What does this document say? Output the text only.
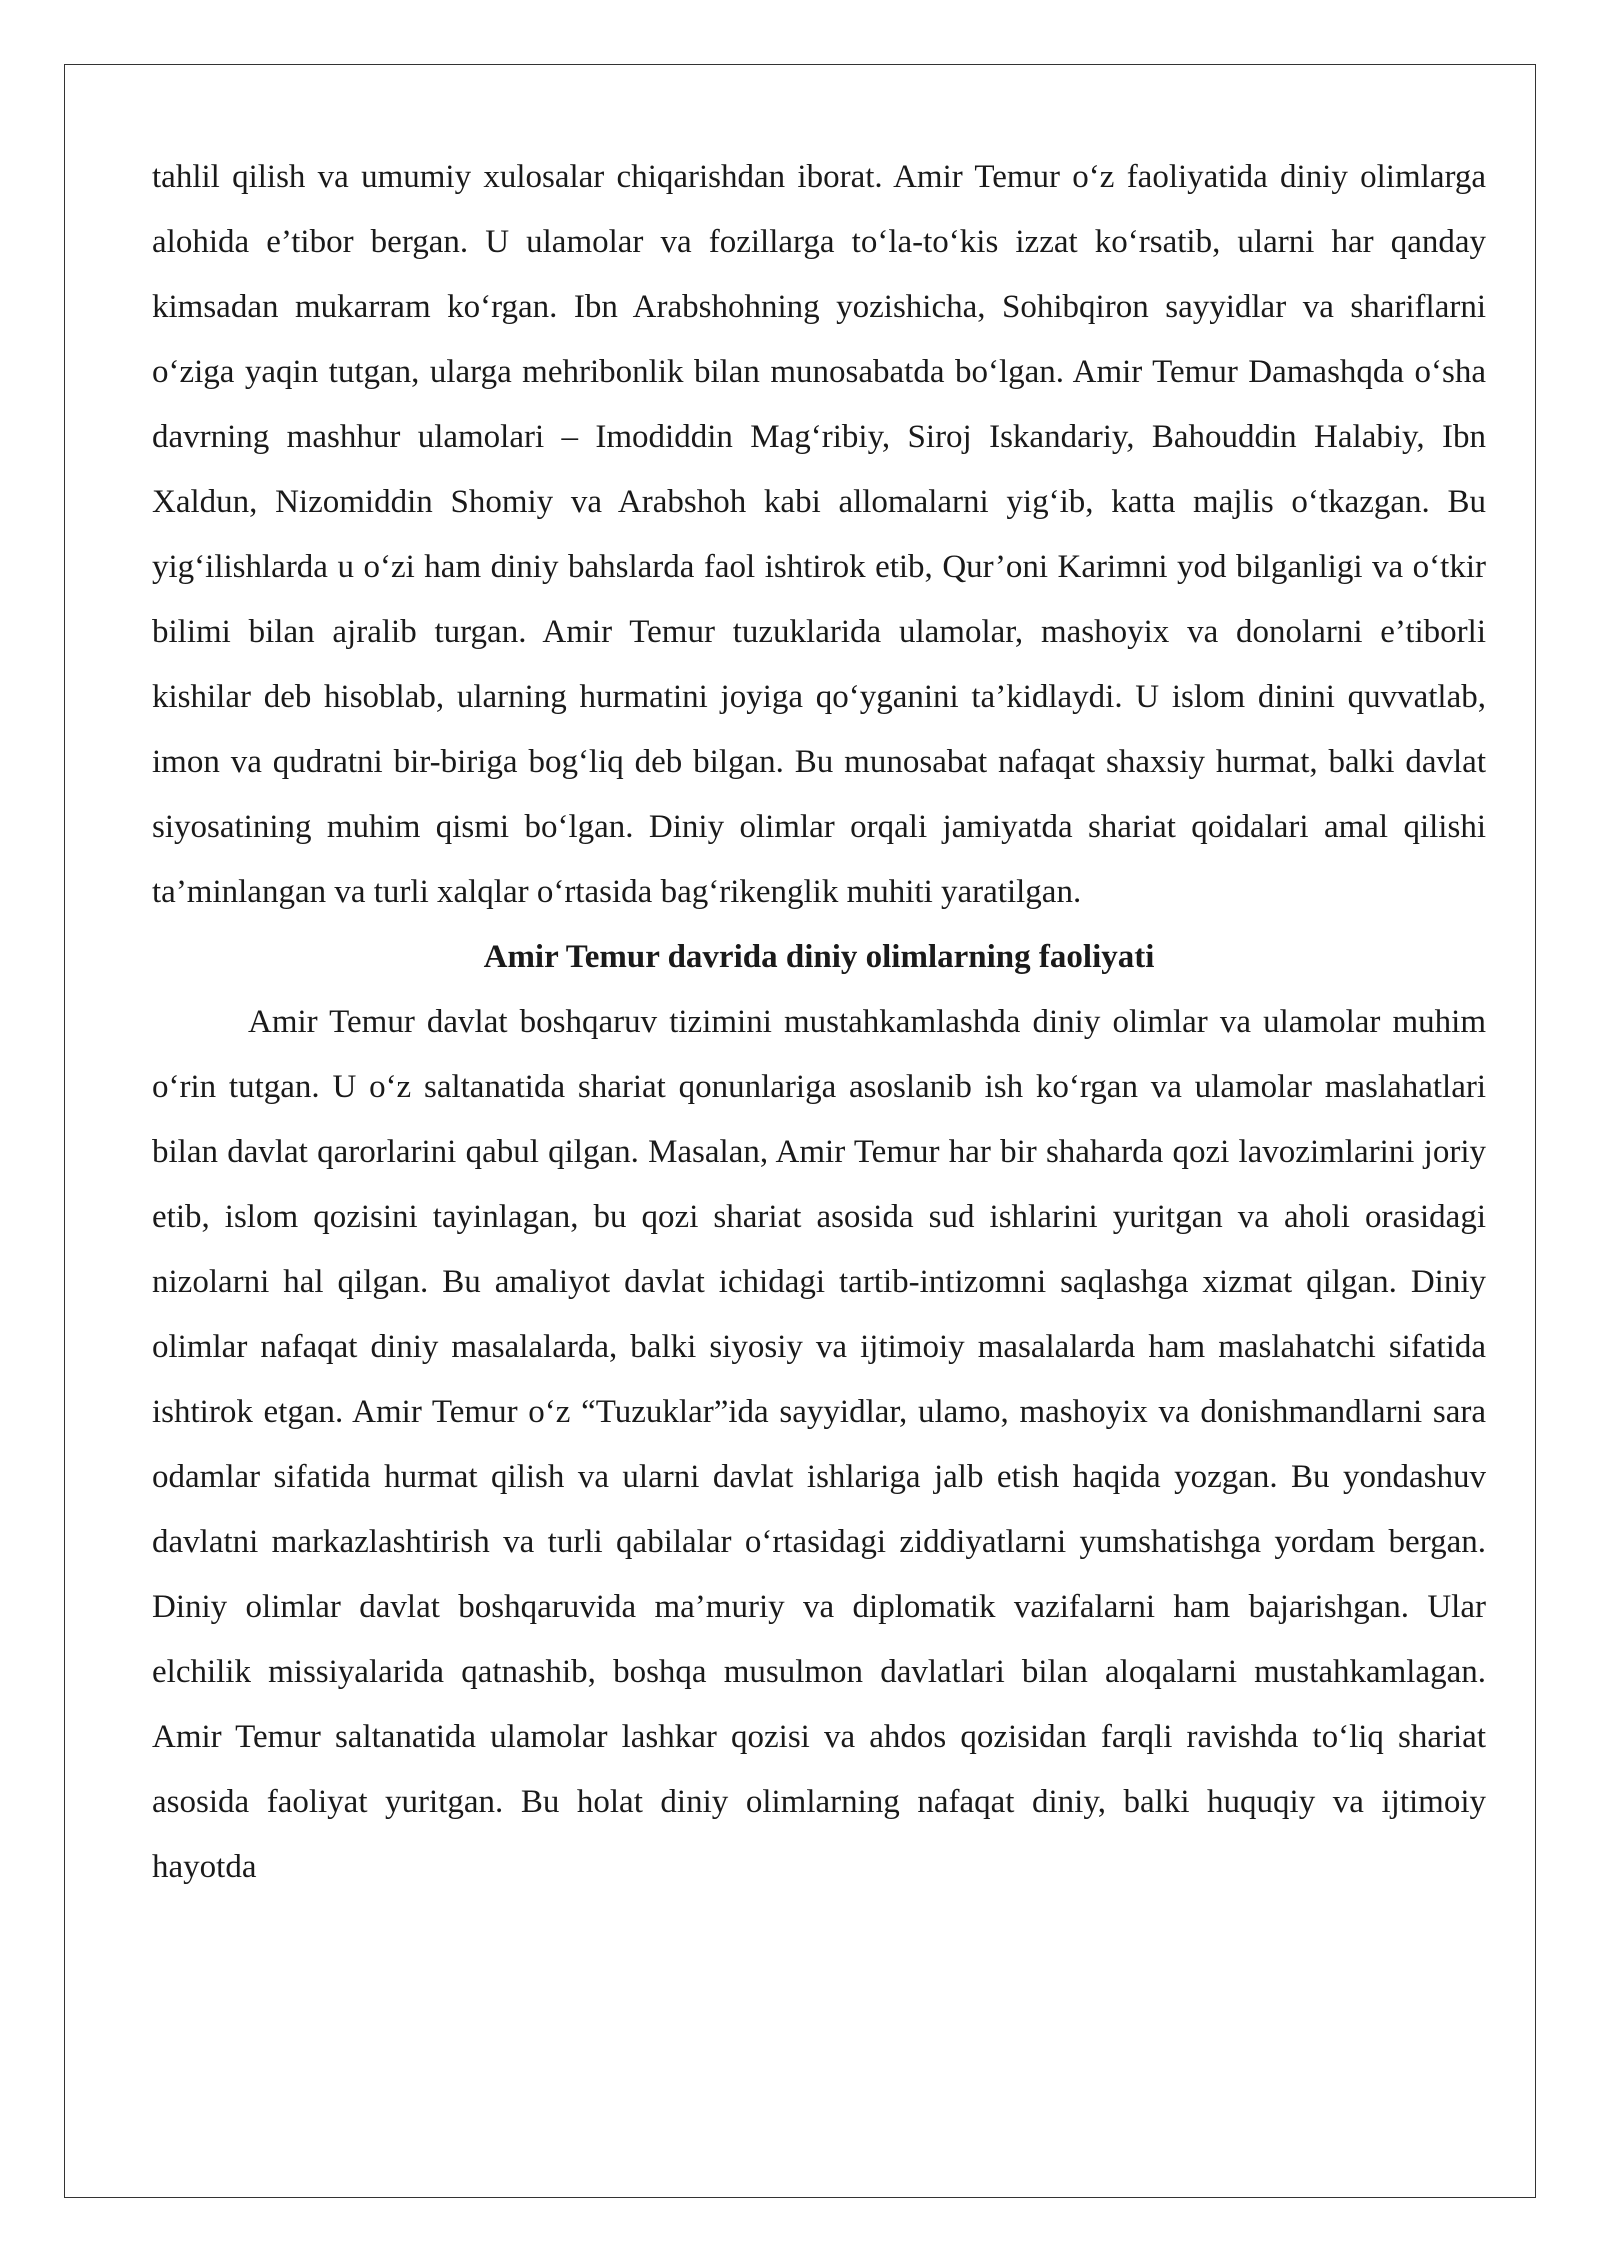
tahlil qilish va umumiy xulosalar chiqarishdan iborat. Amir Temur o‘z faoliyatida diniy olimlarga alohida e’tibor bergan. U ulamolar va fozillarga to‘la-to‘kis izzat ko‘rsatib, ularni har qanday kimsadan mukarram ko‘rgan. Ibn Arabshohning yozishicha, Sohibqiron sayyidlar va shariflarni o‘ziga yaqin tutgan, ularga mehribonlik bilan munosabatda bo‘lgan. Amir Temur Damashqda o‘sha davrning mashhur ulamolari – Imodiddin Mag‘ribiy, Siroj Iskandariy, Bahouddin Halabiy, Ibn Xaldun, Nizomiddin Shomiy va Arabshoh kabi allomalarni yig‘ib, katta majlis o‘tkazgan. Bu yig‘ilishlarda u o‘zi ham diniy bahslarda faol ishtirok etib, Qur’oni Karimni yod bilganligi va o‘tkir bilimi bilan ajralib turgan. Amir Temur tuzuklarida ulamolar, mashoyix va donolarni e’tiborli kishilar deb hisoblab, ularning hurmatini joyiga qo‘yganini ta’kidlaydi. U islom dinini quvvatlab, imon va qudratni bir-biriga bog‘liq deb bilgan. Bu munosabat nafaqat shaxsiy hurmat, balki davlat siyosatining muhim qismi bo‘lgan. Diniy olimlar orqali jamiyatda shariat qoidalari amal qilishi ta’minlangan va turli xalqlar o‘rtasida bag‘rikenglik muhiti yaratilgan.

Amir Temur davrida diniy olimlarning faoliyati

Amir Temur davlat boshqaruv tizimini mustahkamlashda diniy olimlar va ulamolar muhim o‘rin tutgan. U o‘z saltanatida shariat qonunlariga asoslanib ish ko‘rgan va ulamolar maslahatlari bilan davlat qarorlarini qabul qilgan. Masalan, Amir Temur har bir shaharda qozi lavozimlarini joriy etib, islom qozisini tayinlagan, bu qozi shariat asosida sud ishlarini yuritgan va aholi orasidagi nizolarni hal qilgan. Bu amaliyot davlat ichidagi tartib-intizomni saqlashga xizmat qilgan. Diniy olimlar nafaqat diniy masalalarda, balki siyosiy va ijtimoiy masalalarda ham maslahatchi sifatida ishtirok etgan. Amir Temur o‘z “Tuzuklar”ida sayyidlar, ulamo, mashoyix va donishmandlarni sara odamlar sifatida hurmat qilish va ularni davlat ishlariga jalb etish haqida yozgan. Bu yondashuv davlatni markazlashtirish va turli qabilalar o‘rtasidagi ziddiyatlarni yumshatishga yordam bergan. Diniy olimlar davlat boshqaruvida ma’muriy va diplomatik vazifalarni ham bajarishgan. Ular elchilik missiyalarida qatnashib, boshqa musulmon davlatlari bilan aloqalarni mustahkamlagan. Amir Temur saltanatida ulamolar lashkar qozisi va ahdos qozisidan farqli ravishda to‘liq shariat asosida faoliyat yuritgan. Bu holat diniy olimlarning nafaqat diniy, balki huquqiy va ijtimoiy hayotda
